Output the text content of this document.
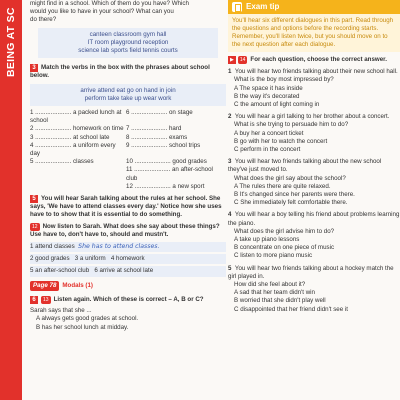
BEING AT SC
might find in a school. Which of them do you have? Which
would you like to have in your school? What can you
do there?
canteen classroom gym hall
IT room playground reception
science lab sports field tennis courts
3 Match the verbs in the box with the phrases about school below.
arrive attend eat go on hand in join
perform take take up wear work
1 ..................... a packed lunch at school
6 ..................... on stage
2 ..................... homework on time 7 ..................... hard
3 ..................... at school late	8 ..................... exams
4 ..................... a uniform every day
9 ..................... school trips
5 ..................... classes	10 ..................... good grades
11 ..................... an after-school club
12 ..................... a new sport
5 You will hear Sarah talking about the rules at her school. She says, 'We have to attend classes every day.' Notice how she uses have to to show that it is essential to do something.
12 Now listen to Sarah. What does she say about these things? Use have to, don't have to, should and mustn't.
1 attend classes She has to attend classes.
2 good grades 3 a uniform 4 homework
5 an after-school club 6 arrive at school late
Page 78 Modals (1)
6 13 Listen again. Which of these is correct – A, B or C?
Sarah says that she ...
A always gets good grades at school.
B has her school lunch at midday.
Exam tip
You'll hear six different dialogues in this part. Read through the questions and options before the recording starts. Remember, you'll listen twice, but you should move on to the next question after each dialogue.
▶ 14 For each question, choose the correct answer.
1 You will hear two friends talking about their new school hall.
What is the boy most impressed by?
A The space it has inside
B the way it's decorated
C the amount of light coming in
2 You will hear a girl talking to her brother about a concert.
What is she trying to persuade him to do?
A buy her a concert ticket
B go with her to watch the concert
C perform in the concert
3 You will hear two friends talking about the new school they've just moved to.
What does the girl say about the school?
A The rules there are quite relaxed.
B It's changed since her parents were there.
C She immediately felt comfortable there.
4 You will hear a boy telling his friend about problems learning the piano.
What does the girl advise him to do?
A take up piano lessons
B concentrate on one piece of music
C listen to more piano music
5 You will hear two friends talking about a hockey match the girl played in.
How did she feel about it?
A sad that her team didn't win
B worried that she didn't play well
C disappointed that her friend didn't see it
